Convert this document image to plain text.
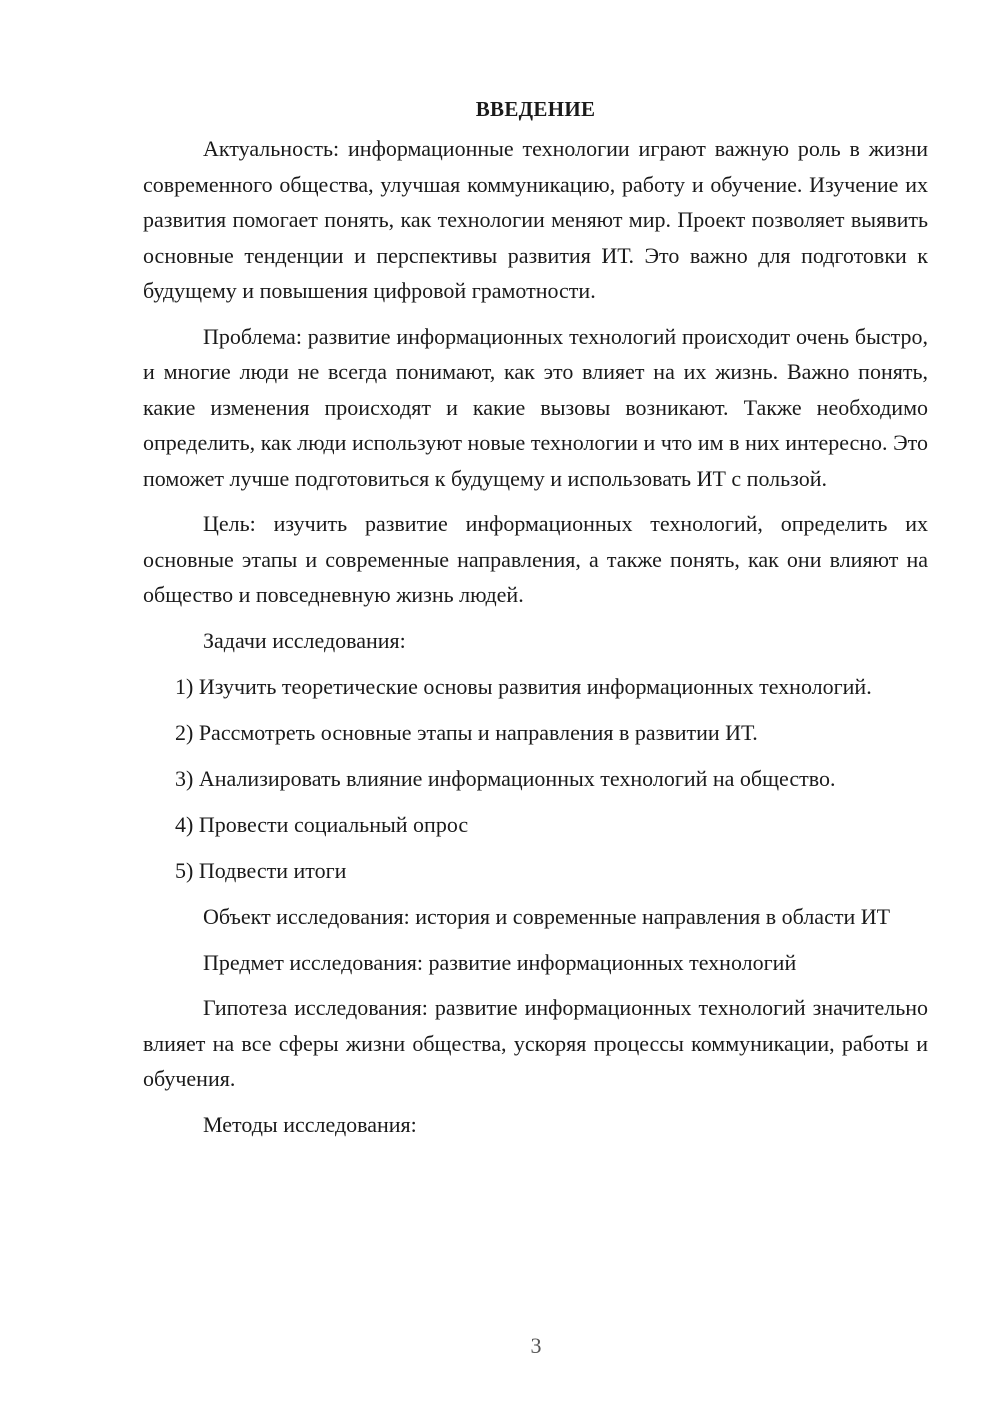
ВВЕДЕНИЕ

Актуальность: информационные технологии играют важную роль в жизни современного общества, улучшая коммуникацию, работу и обучение. Изучение их развития помогает понять, как технологии меняют мир. Проект позволяет выявить основные тенденции и перспективы развития ИТ. Это важно для подготовки к будущему и повышения цифровой грамотности.

Проблема: развитие информационных технологий происходит очень быстро, и многие люди не всегда понимают, как это влияет на их жизнь. Важно понять, какие изменения происходят и какие вызовы возникают. Также необходимо определить, как люди используют новые технологии и что им в них интересно. Это поможет лучше подготовиться к будущему и использовать ИТ с пользой.

Цель: изучить развитие информационных технологий, определить их основные этапы и современные направления, а также понять, как они влияют на общество и повседневную жизнь людей.

Задачи исследования:

1) Изучить теоретические основы развития информационных технологий.

2) Рассмотреть основные этапы и направления в развитии ИТ.

3) Анализировать влияние информационных технологий на общество.

4) Провести социальный опрос

5) Подвести итоги

Объект исследования: история и современные направления в области ИТ

Предмет исследования: развитие информационных технологий

Гипотеза исследования: развитие информационных технологий значительно влияет на все сферы жизни общества, ускоряя процессы коммуникации, работы и обучения.

Методы исследования:

3
